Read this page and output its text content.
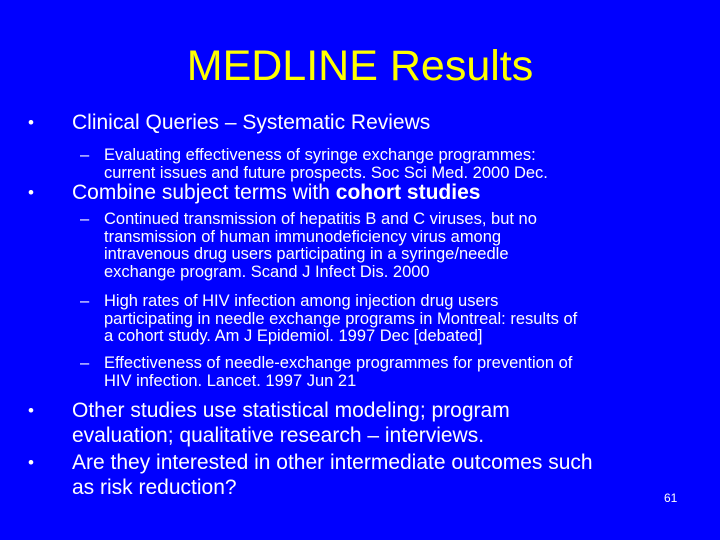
MEDLINE Results
• Clinical Queries – Systematic Reviews
– Evaluating effectiveness of syringe exchange programmes:
current issues and future prospects. Soc Sci Med. 2000 Dec.
• Combine subject terms with cohort studies
– Continued transmission of hepatitis B and C viruses, but no
transmission of human immunodeficiency virus among
intravenous drug users participating in a syringe/needle
exchange program. Scand J Infect Dis. 2000
– High rates of HIV infection among injection drug users
participating in needle exchange programs in Montreal: results of
a cohort study. Am J Epidemiol. 1997 Dec [debated]
– Effectiveness of needle-exchange programmes for prevention of
HIV infection. Lancet. 1997 Jun 21
• Other studies use statistical modeling; program
evaluation; qualitative research – interviews.
• Are they interested in other intermediate outcomes such
as risk reduction?	61
